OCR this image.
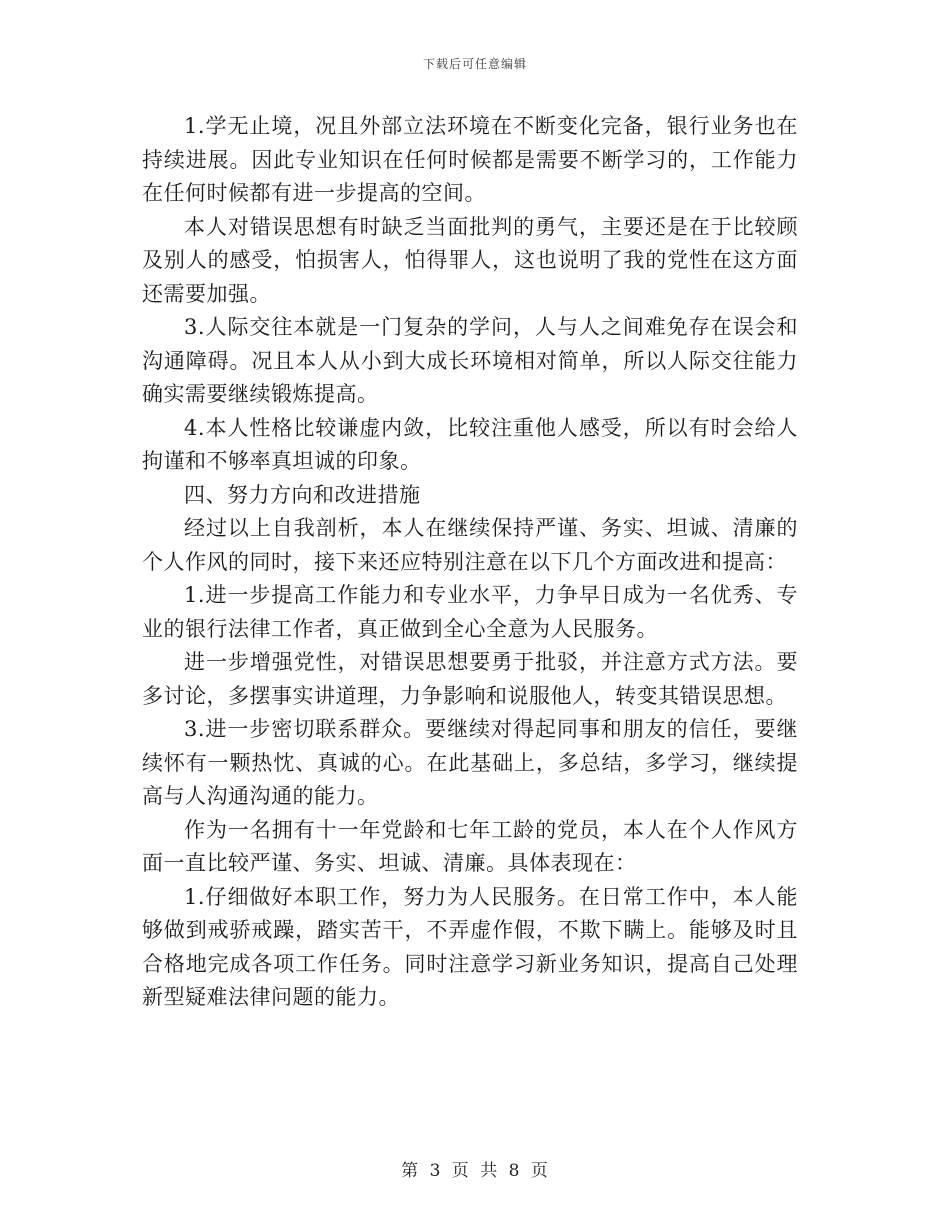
下载后可任意编辑

1.学无止境，况且外部立法环境在不断变化完备，银行业务也在持续进展。因此专业知识在任何时候都是需要不断学习的，工作能力在任何时候都有进一步提高的空间。

本人对错误思想有时缺乏当面批判的勇气，主要还是在于比较顾及别人的感受，怕损害人，怕得罪人，这也说明了我的党性在这方面还需要加强。

3.人际交往本就是一门复杂的学问，人与人之间难免存在误会和沟通障碍。况且本人从小到大成长环境相对简单，所以人际交往能力确实需要继续锻炼提高。

4.本人性格比较谦虚内敛，比较注重他人感受，所以有时会给人拘谨和不够率真坦诚的印象。

四、努力方向和改进措施

经过以上自我剖析，本人在继续保持严谨、务实、坦诚、清廉的个人作风的同时，接下来还应特别注意在以下几个方面改进和提高：

1.进一步提高工作能力和专业水平，力争早日成为一名优秀、专业的银行法律工作者，真正做到全心全意为人民服务。

进一步增强党性，对错误思想要勇于批驳，并注意方式方法。要多讨论，多摆事实讲道理，力争影响和说服他人，转变其错误思想。

3.进一步密切联系群众。要继续对得起同事和朋友的信任，要继续怀有一颗热忱、真诚的心。在此基础上，多总结，多学习，继续提高与人沟通沟通的能力。

作为一名拥有十一年党龄和七年工龄的党员，本人在个人作风方面一直比较严谨、务实、坦诚、清廉。具体表现在：

1.仔细做好本职工作，努力为人民服务。在日常工作中，本人能够做到戒骄戒躁，踏实苦干，不弄虚作假，不欺下瞒上。能够及时且合格地完成各项工作任务。同时注意学习新业务知识，提高自己处理新型疑难法律问题的能力。

第 3 页 共 8 页
